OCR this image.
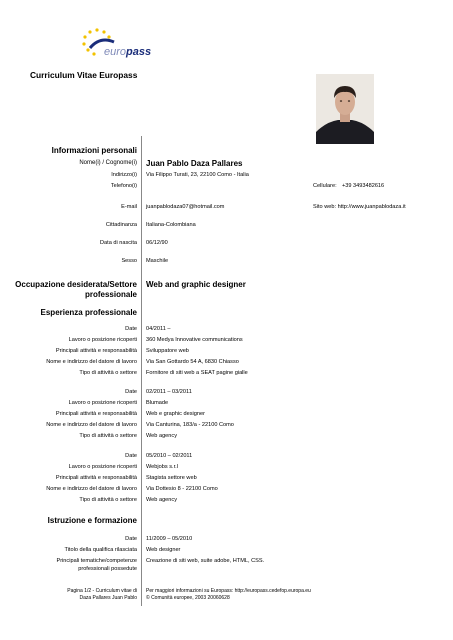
europass
Curriculum Vitae Europass
Informazioni personali
Nome(i) / Cognome(i) Juan Pablo Daza Pallares
Indirizzo(i) Via Filippo Turati, 23, 22100 Como - Italia
Telefono(i)	Cellulare: +39 3493482616
E-mail juanpablodaza07@hotmail.com	Sito web: http://www.juanpablodaza.it
Cittadinanza Italiana-Colombiana
Data di nascita 06/12/90
Sesso Maschile
Occupazione desiderata/Settore professionale
Web and graphic designer
Esperienza professionale
Date 04/2011 –
Lavoro o posizione ricoperti 360 Medya Innovative communications
Principali attività e responsabilità Sviluppatore web
Nome e indirizzo del datore di lavoro Via San Gottardo 54 A, 6830 Chiasso
Tipo di attività o settore Fornitore di siti web a SEAT pagine gialle
Date 02/2011 – 03/2011
Lavoro o posizione ricoperti Blumade
Principali attività e responsabilità Web e graphic designer
Nome e indirizzo del datore di lavoro Via Canturina, 183/a - 22100 Como
Tipo di attività o settore Web agency
Date 05/2010 – 02/2011
Lavoro o posizione ricoperti Webjobs s.r.l
Principali attività e responsabilità Stagista settore web
Nome e indirizzo del datore di lavoro Via Dottesio 8 - 22100 Como
Tipo di attività o settore Web agency
Istruzione e formazione
Date 11/2009 – 05/2010
Titolo della qualifica rilasciata Web designer
Principali tematiche/competenze
professionali possedute
Creazione di siti web, suite adobe, HTML, CSS.
Pagina 1/2 - Curriculum vitae di
Daza Pallares Juan Pablo
Per maggiori informazioni su Europass: http://europass.cedefop.europa.eu
© Comunità europee, 2003 20060628
